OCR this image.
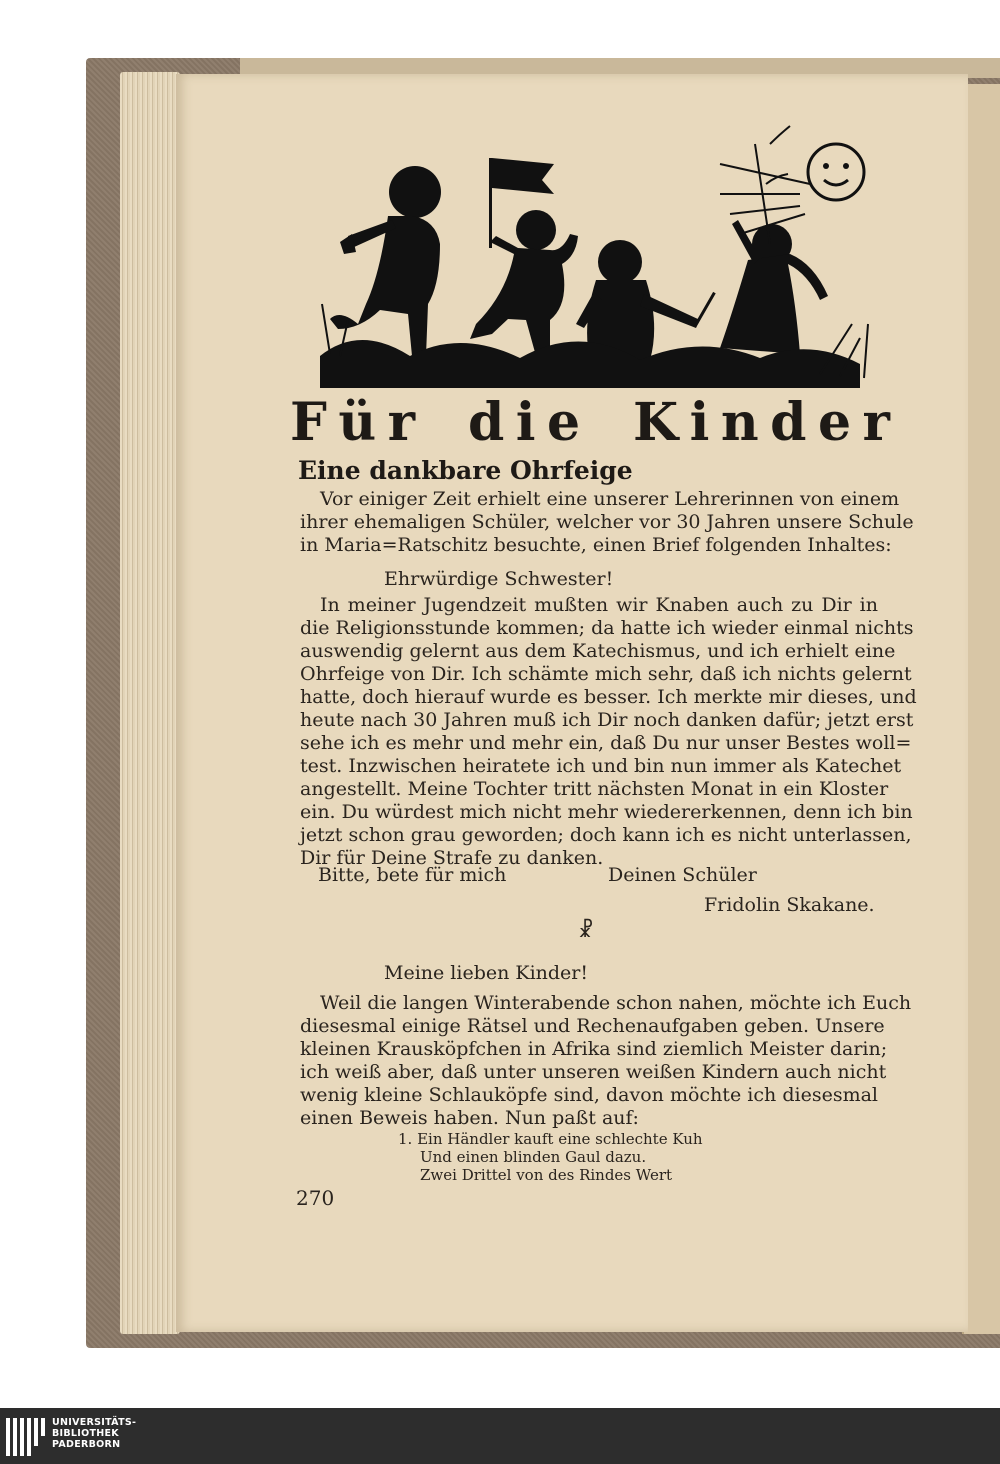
F ü r d i e K i n d e r
Eine dankbare Ohrfeige
Vor einiger Zeit erhielt eine unserer Lehrerinnen von einem
ihrer ehemaligen Schüler, welcher vor 30 Jahren unsere Schule
in Maria=Ratschitz besuchte, einen Brief folgenden Inhaltes:
Ehrwürdige Schwester!
In meiner Jugendzeit mußten wir Knaben auch zu Dir in
die Religionsstunde kommen; da hatte ich wieder einmal nichts
auswendig gelernt aus dem Katechismus, und ich erhielt eine
Ohrfeige von Dir. Ich schämte mich sehr, daß ich nichts gelernt
hatte, doch hierauf wurde es besser. Ich merkte mir dieses, und
heute nach 30 Jahren muß ich Dir noch danken dafür; jetzt erst
sehe ich es mehr und mehr ein, daß Du nur unser Bestes woll=
test. Inzwischen heiratete ich und bin nun immer als Katechet
angestellt. Meine Tochter tritt nächsten Monat in ein Kloster
ein. Du würdest mich nicht mehr wiedererkennen, denn ich bin
jetzt schon grau geworden; doch kann ich es nicht unterlassen,
Dir für Deine Strafe zu danken.
Bitte, bete für mich	Deinen Schüler
Fridolin Skakane.
☧
Meine lieben Kinder!
Weil die langen Winterabende schon nahen, möchte ich Euch
diesesmal einige Rätsel und Rechenaufgaben geben. Unsere
kleinen Krausköpfchen in Afrika sind ziemlich Meister darin;
ich weiß aber, daß unter unseren weißen Kindern auch nicht
wenig kleine Schlauköpfe sind, davon möchte ich diesesmal
einen Beweis haben. Nun paßt auf:
1. Ein Händler kauft eine schlechte Kuh
Und einen blinden Gaul dazu.
Zwei Drittel von des Rindes Wert
270
UNIVERSITÄTS-
BIBLIOTHEK
PADERBORN
